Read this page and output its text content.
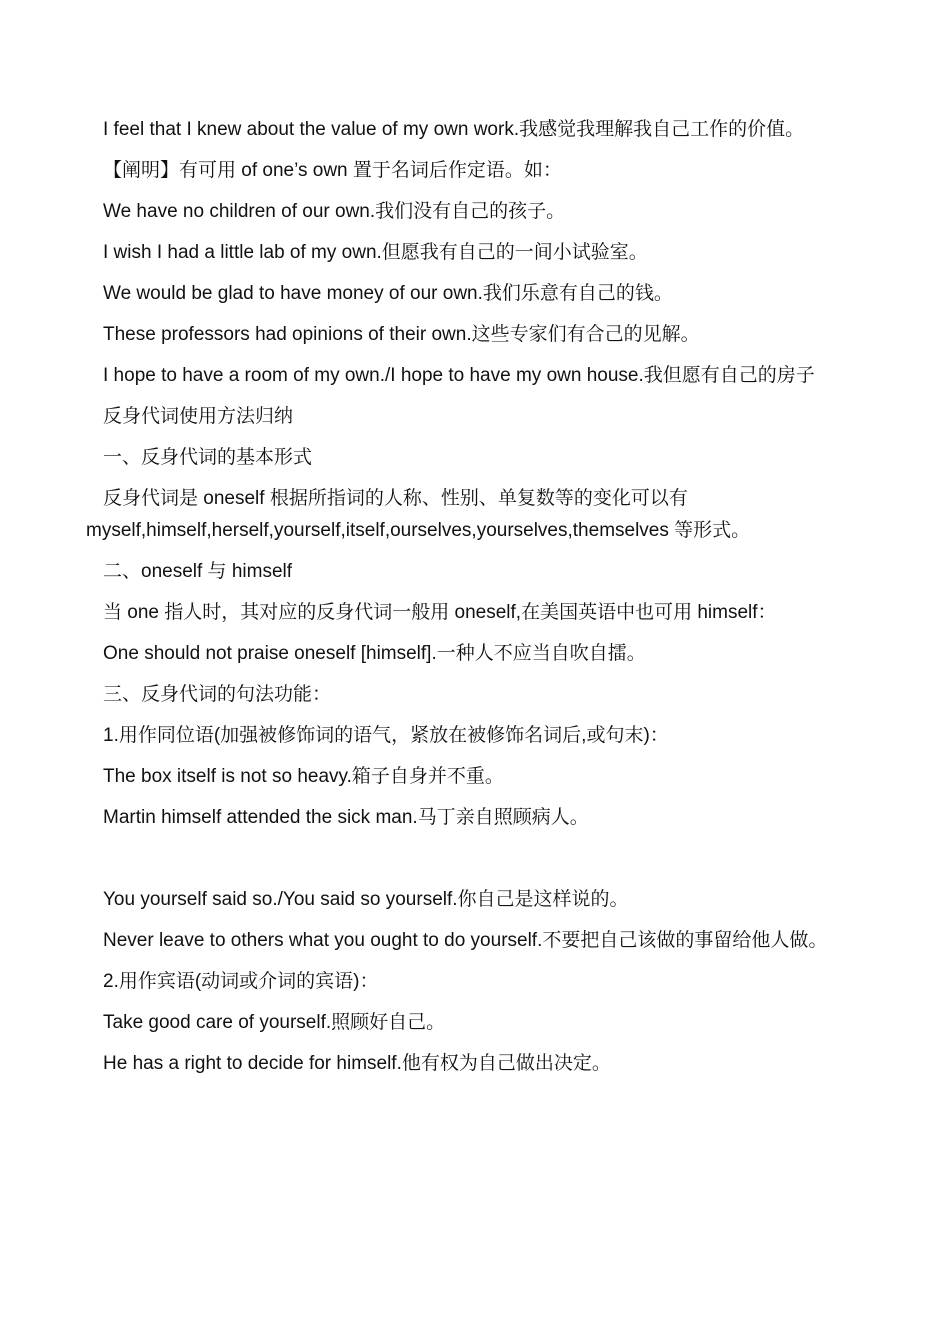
I feel that I knew about the value of my own work.我感觉我理解我自己工作的价值。

【阐明】有可用 of one’s own 置于名词后作定语。如：

We have no children of our own.我们没有自己的孩子。

I wish I had a little lab of my own.但愿我有自己的一间小试验室。

We would be glad to have money of our own.我们乐意有自己的钱。

These professors had opinions of their own.这些专家们有合己的见解。

I hope to have a room of my own./I hope to have my own house.我但愿有自己的房子

反身代词使用方法归纳

一、反身代词的基本形式

反身代词是 oneself 根据所指词的人称、性别、单复数等的变化可以有 myself,himself,herself,yourself,itself,ourselves,yourselves,themselves 等形式。

二、oneself 与 himself

当 one 指人时，其对应的反身代词一般用 oneself,在美国英语中也可用 himself：

One should not praise oneself [himself].一种人不应当自吹自擂。

三、反身代词的句法功能：

1.用作同位语(加强被修饰词的语气，紧放在被修饰名词后,或句末)：

The box itself is not so heavy.箱子自身并不重。

Martin himself attended the sick man.马丁亲自照顾病人。

You yourself said so./You said so yourself.你自己是这样说的。

Never leave to others what you ought to do yourself.不要把自己该做的事留给他人做。

2.用作宾语(动词或介词的宾语)：

Take good care of yourself.照顾好自己。

He has a right to decide for himself.他有权为自己做出决定。
